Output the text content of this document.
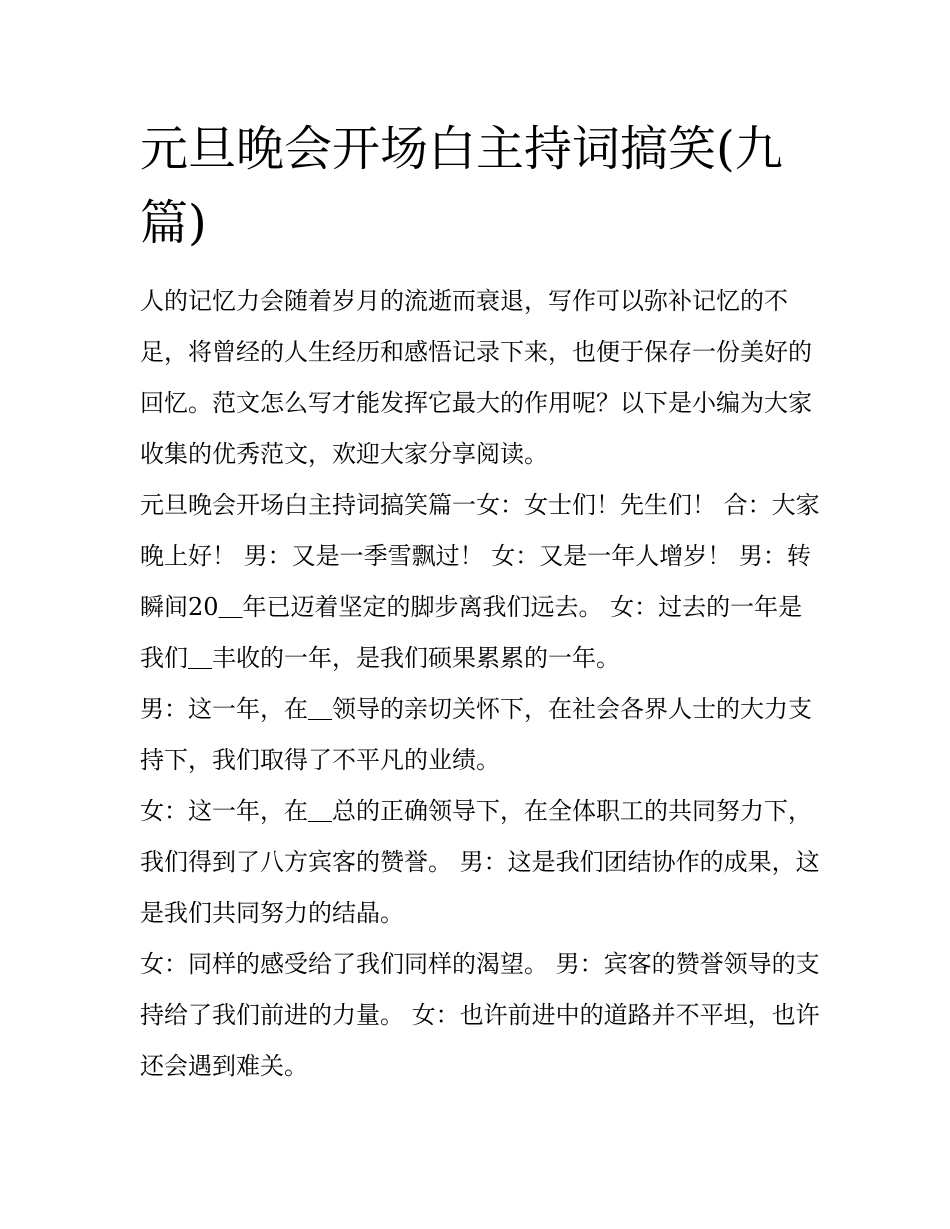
元旦晚会开场白主持词搞笑(九篇)

人的记忆力会随着岁月的流逝而衰退，写作可以弥补记忆的不足，将曾经的人生经历和感悟记录下来，也便于保存一份美好的回忆。范文怎么写才能发挥它最大的作用呢？以下是小编为大家收集的优秀范文，欢迎大家分享阅读。

元旦晚会开场白主持词搞笑篇一女：女士们！先生们！ 合：大家晚上好！ 男：又是一季雪飘过！ 女：又是一年人增岁！ 男：转瞬间20＿年已迈着坚定的脚步离我们远去。 女：过去的一年是我们＿丰收的一年，是我们硕果累累的一年。

男：这一年，在＿领导的亲切关怀下，在社会各界人士的大力支持下，我们取得了不平凡的业绩。

女：这一年，在＿总的正确领导下，在全体职工的共同努力下，我们得到了八方宾客的赞誉。 男：这是我们团结协作的成果，这是我们共同努力的结晶。

女：同样的感受给了我们同样的渴望。 男：宾客的赞誉领导的支持给了我们前进的力量。 女：也许前进中的道路并不平坦，也许还会遇到难关。
